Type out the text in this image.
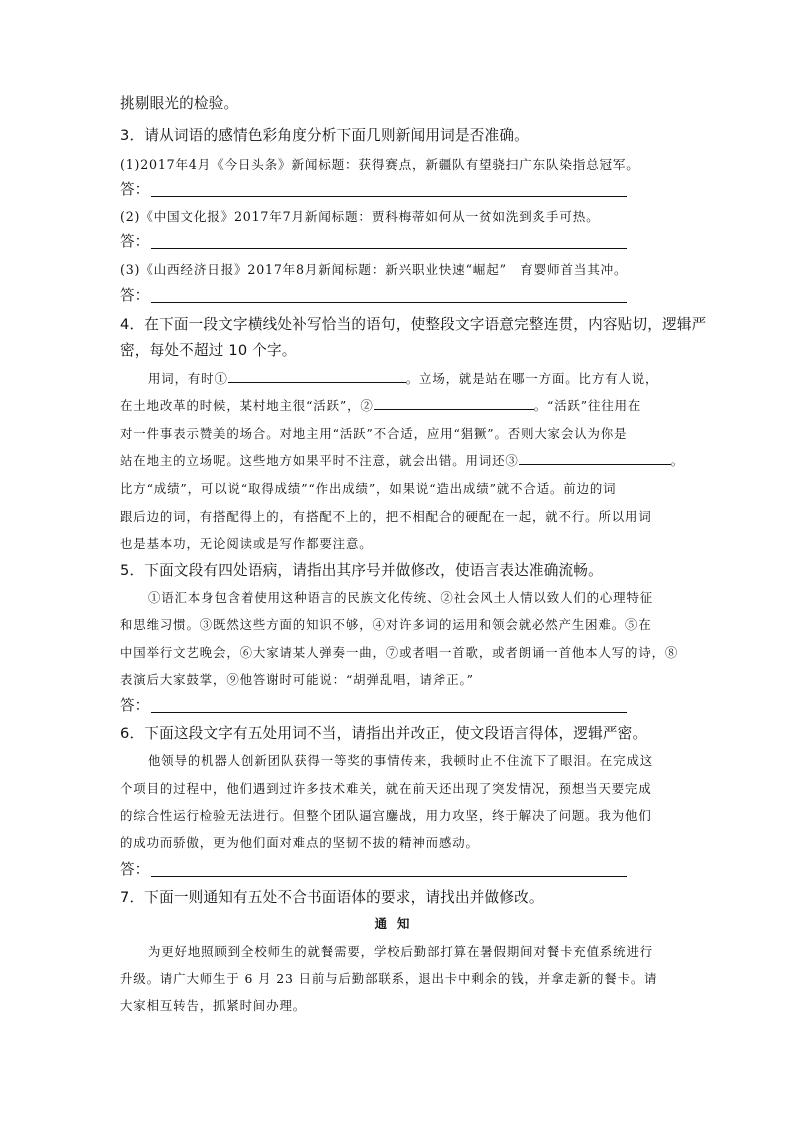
挑剔眼光的检验。
3．请从词语的感情色彩角度分析下面几则新闻用词是否准确。
(1)2017年4月《今日头条》新闻标题：获得赛点，新疆队有望骁扫广东队染指总冠军。
答：
(2)《中国文化报》2017年7月新闻标题：贾科梅蒂如何从一贫如洗到炙手可热。
答：
(3)《山西经济日报》2017年8月新闻标题：新兴职业快速“崛起”　育婴师首当其冲。
答：
4．在下面一段文字横线处补写恰当的语句，使整段文字语意完整连贯，内容贴切，逻辑严
密，每处不超过 10 个字。
用词，有时①	。立场，就是站在哪一方面。比方有人说，
在土地改革的时候，某村地主很“活跃”，②	。“活跃”往往用在
对一件事表示赞美的场合。对地主用“活跃”不合适，应用“猖獗”。否则大家会认为你是
站在地主的立场呢。这些地方如果平时不注意，就会出错。用词还③	。
比方“成绩”，可以说“取得成绩”“作出成绩”，如果说“造出成绩”就不合适。前边的词
跟后边的词，有搭配得上的，有搭配不上的，把不相配合的硬配在一起，就不行。所以用词
也是基本功，无论阅读或是写作都要注意。
5．下面文段有四处语病，请指出其序号并做修改，使语言表达准确流畅。
①语汇本身包含着使用这种语言的民族文化传统、②社会风土人情以致人们的心理特征
和思维习惯。③既然这些方面的知识不够，④对许多词的运用和领会就必然产生困难。⑤在
中国举行文艺晚会，⑥大家请某人弹奏一曲，⑦或者唱一首歌，或者朗诵一首他本人写的诗，⑧
表演后大家鼓掌，⑨他答谢时可能说：“胡弹乱唱，请斧正。”
答：
6．下面这段文字有五处用词不当，请指出并改正，使文段语言得体，逻辑严密。
他领导的机器人创新团队获得一等奖的事情传来，我顿时止不住流下了眼泪。在完成这
个项目的过程中，他们遇到过许多技术难关，就在前天还出现了突发情况，预想当天要完成
的综合性运行检验无法进行。但整个团队逼宫鏖战，用力攻坚，终于解决了问题。我为他们
的成功而骄傲，更为他们面对难点的坚韧不拔的精神而感动。
答：
7．下面一则通知有五处不合书面语体的要求，请找出并做修改。
通知
为更好地照顾到全校师生的就餐需要，学校后勤部打算在暑假期间对餐卡充值系统进行
升级。请广大师生于 6 月 23 日前与后勤部联系，退出卡中剩余的钱，并拿走新的餐卡。请
大家相互转告，抓紧时间办理。
